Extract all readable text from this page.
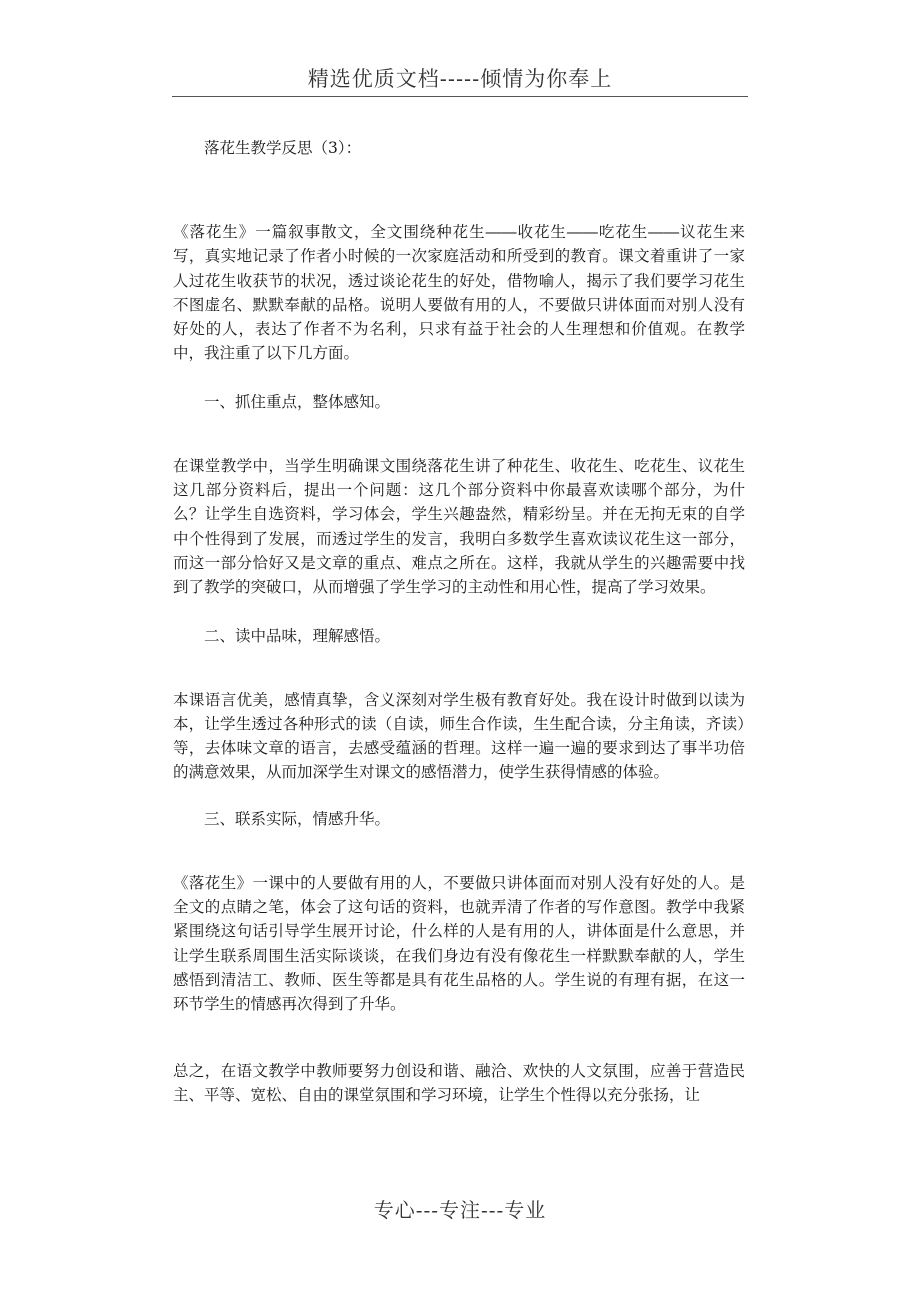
精选优质文档-----倾情为你奉上
落花生教学反思（3）：
《落花生》一篇叙事散文，全文围绕种花生――收花生――吃花生――议花生来写，真实地记录了作者小时候的一次家庭活动和所受到的教育。课文着重讲了一家人过花生收获节的状况，透过谈论花生的好处，借物喻人，揭示了我们要学习花生不图虚名、默默奉献的品格。说明人要做有用的人，不要做只讲体面而对别人没有好处的人，表达了作者不为名利，只求有益于社会的人生理想和价值观。在教学中，我注重了以下几方面。
一、抓住重点，整体感知。
在课堂教学中，当学生明确课文围绕落花生讲了种花生、收花生、吃花生、议花生这几部分资料后，提出一个问题：这几个部分资料中你最喜欢读哪个部分，为什么？让学生自选资料，学习体会，学生兴趣盎然，精彩纷呈。并在无拘无束的自学中个性得到了发展，而透过学生的发言，我明白多数学生喜欢读议花生这一部分，而这一部分恰好又是文章的重点、难点之所在。这样，我就从学生的兴趣需要中找到了教学的突破口，从而增强了学生学习的主动性和用心性，提高了学习效果。
二、读中品味，理解感悟。
本课语言优美，感情真挚，含义深刻对学生极有教育好处。我在设计时做到以读为本，让学生透过各种形式的读（自读，师生合作读，生生配合读，分主角读，齐读）等，去体味文章的语言，去感受蕴涵的哲理。这样一遍一遍的要求到达了事半功倍的满意效果，从而加深学生对课文的感悟潜力，使学生获得情感的体验。
三、联系实际，情感升华。
《落花生》一课中的人要做有用的人，不要做只讲体面而对别人没有好处的人。是全文的点睛之笔，体会了这句话的资料，也就弄清了作者的写作意图。教学中我紧紧围绕这句话引导学生展开讨论，什么样的人是有用的人，讲体面是什么意思，并让学生联系周围生活实际谈谈，在我们身边有没有像花生一样默默奉献的人，学生感悟到清洁工、教师、医生等都是具有花生品格的人。学生说的有理有据，在这一环节学生的情感再次得到了升华。
总之，在语文教学中教师要努力创设和谐、融洽、欢快的人文氛围，应善于营造民主、平等、宽松、自由的课堂氛围和学习环境，让学生个性得以充分张扬，让
专心---专注---专业
